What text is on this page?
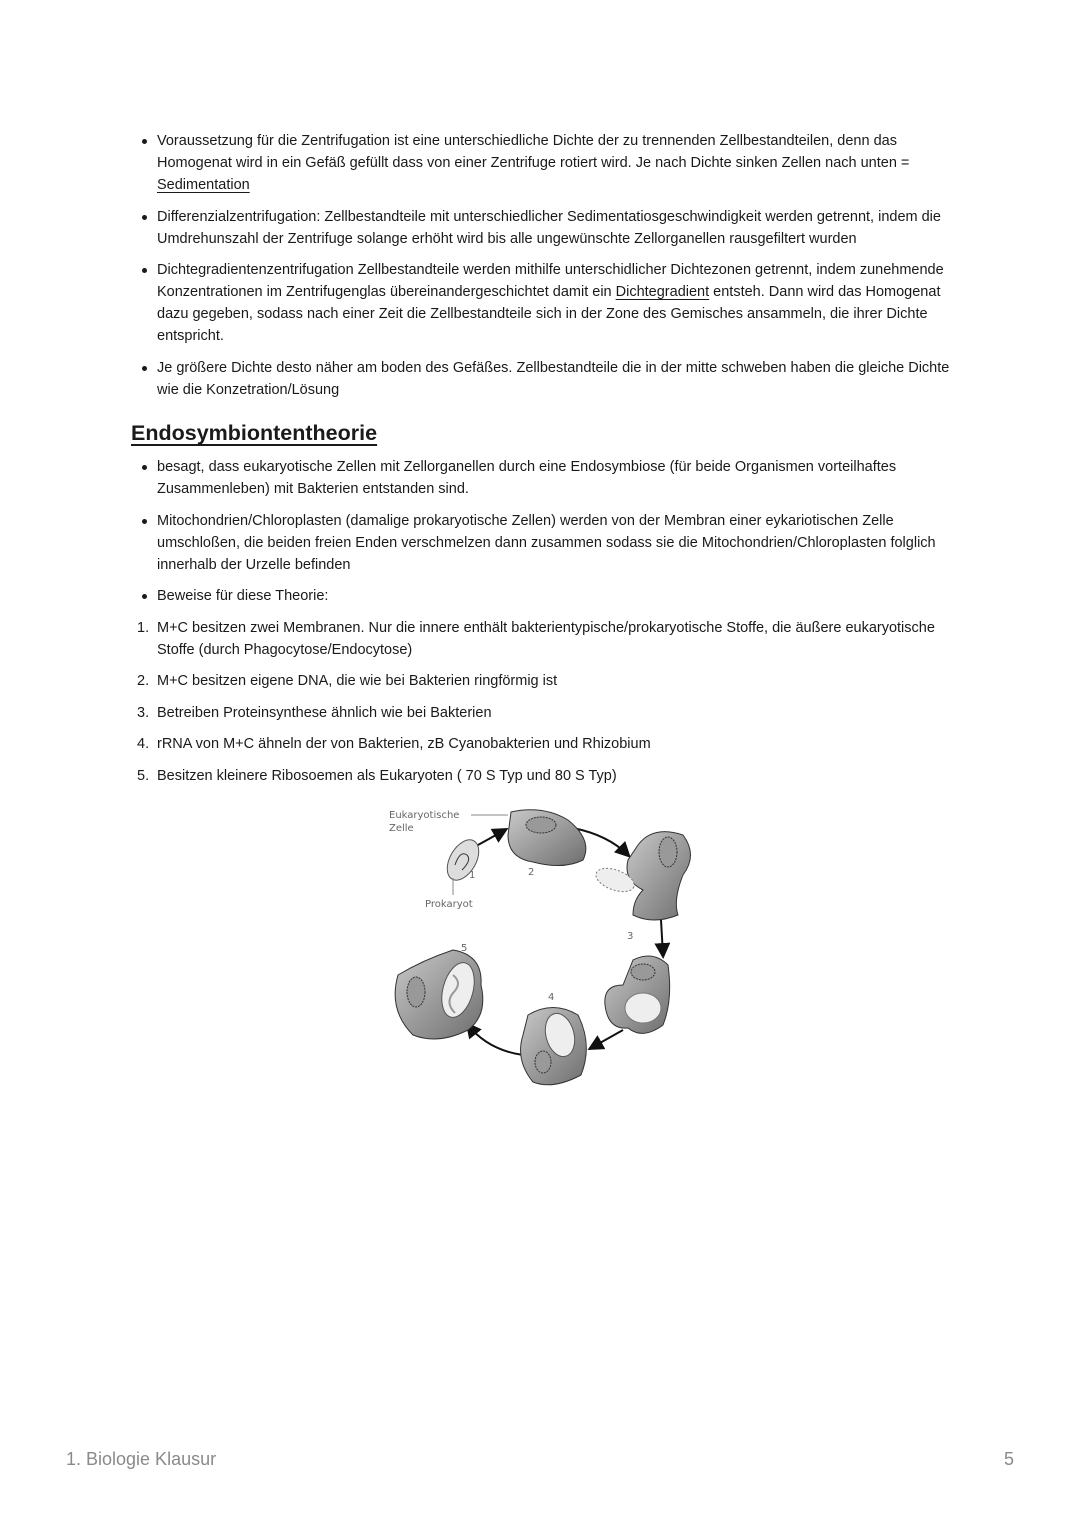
Voraussetzung für die Zentrifugation ist eine unterschiedliche Dichte der zu trennenden Zellbestandteilen, denn das Homogenat wird in ein Gefäß gefüllt dass von einer Zentrifuge rotiert wird. Je nach Dichte sinken Zellen nach unten = Sedimentation
Differenzialzentrifugation: Zellbestandteile mit unterschiedlicher Sedimentatiosgeschwindigkeit werden getrennt, indem die Umdrehunszahl der Zentrifuge solange erhöht wird bis alle ungewünschte Zellorganellen rausgefiltert wurden
Dichtegradientenzentrifugation Zellbestandteile werden mithilfe unterschidlicher Dichtezonen getrennt, indem zunehmende Konzentrationen im Zentrifugenglas übereinandergeschichtet damit ein Dichtegradient entsteh. Dann wird das Homogenat dazu gegeben, sodass nach einer Zeit die Zellbestandteile sich in der Zone des Gemisches ansammeln, die ihrer Dichte entspricht.
Je größere Dichte desto näher am boden des Gefäßes. Zellbestandteile die in der mitte schweben haben die gleiche Dichte wie die Konzetration/Lösung
Endosymbiontentheorie
besagt, dass eukaryotische Zellen mit Zellorganellen durch eine Endosymbiose (für beide Organismen vorteilhaftes Zusammenleben) mit Bakterien entstanden sind.
Mitochondrien/Chloroplasten (damalige prokaryotische Zellen) werden von der Membran einer eykariotischen Zelle umschloßen, die beiden freien Enden verschmelzen dann zusammen sodass sie die Mitochondrien/Chloroplasten folglich innerhalb der Urzelle befinden
Beweise für diese Theorie:
1. M+C besitzen zwei Membranen. Nur die innere enthält bakterientypische/prokaryotische Stoffe, die äußere eukaryotische Stoffe (durch Phagocytose/Endocytose)
2. M+C besitzen eigene DNA, die wie bei Bakterien ringförmig ist
3. Betreiben Proteinsynthese ähnlich wie bei Bakterien
4. rRNA von M+C ähneln der von Bakterien, zB Cyanobakterien und Rhizobium
5. Besitzen kleinere Ribosoemen als Eukaryoten ( 70 S Typ und 80 S Typ)
Eukaryotische
Zelle
Prokaryot
1	2
3
4
5
1. Biologie Klausur	5
